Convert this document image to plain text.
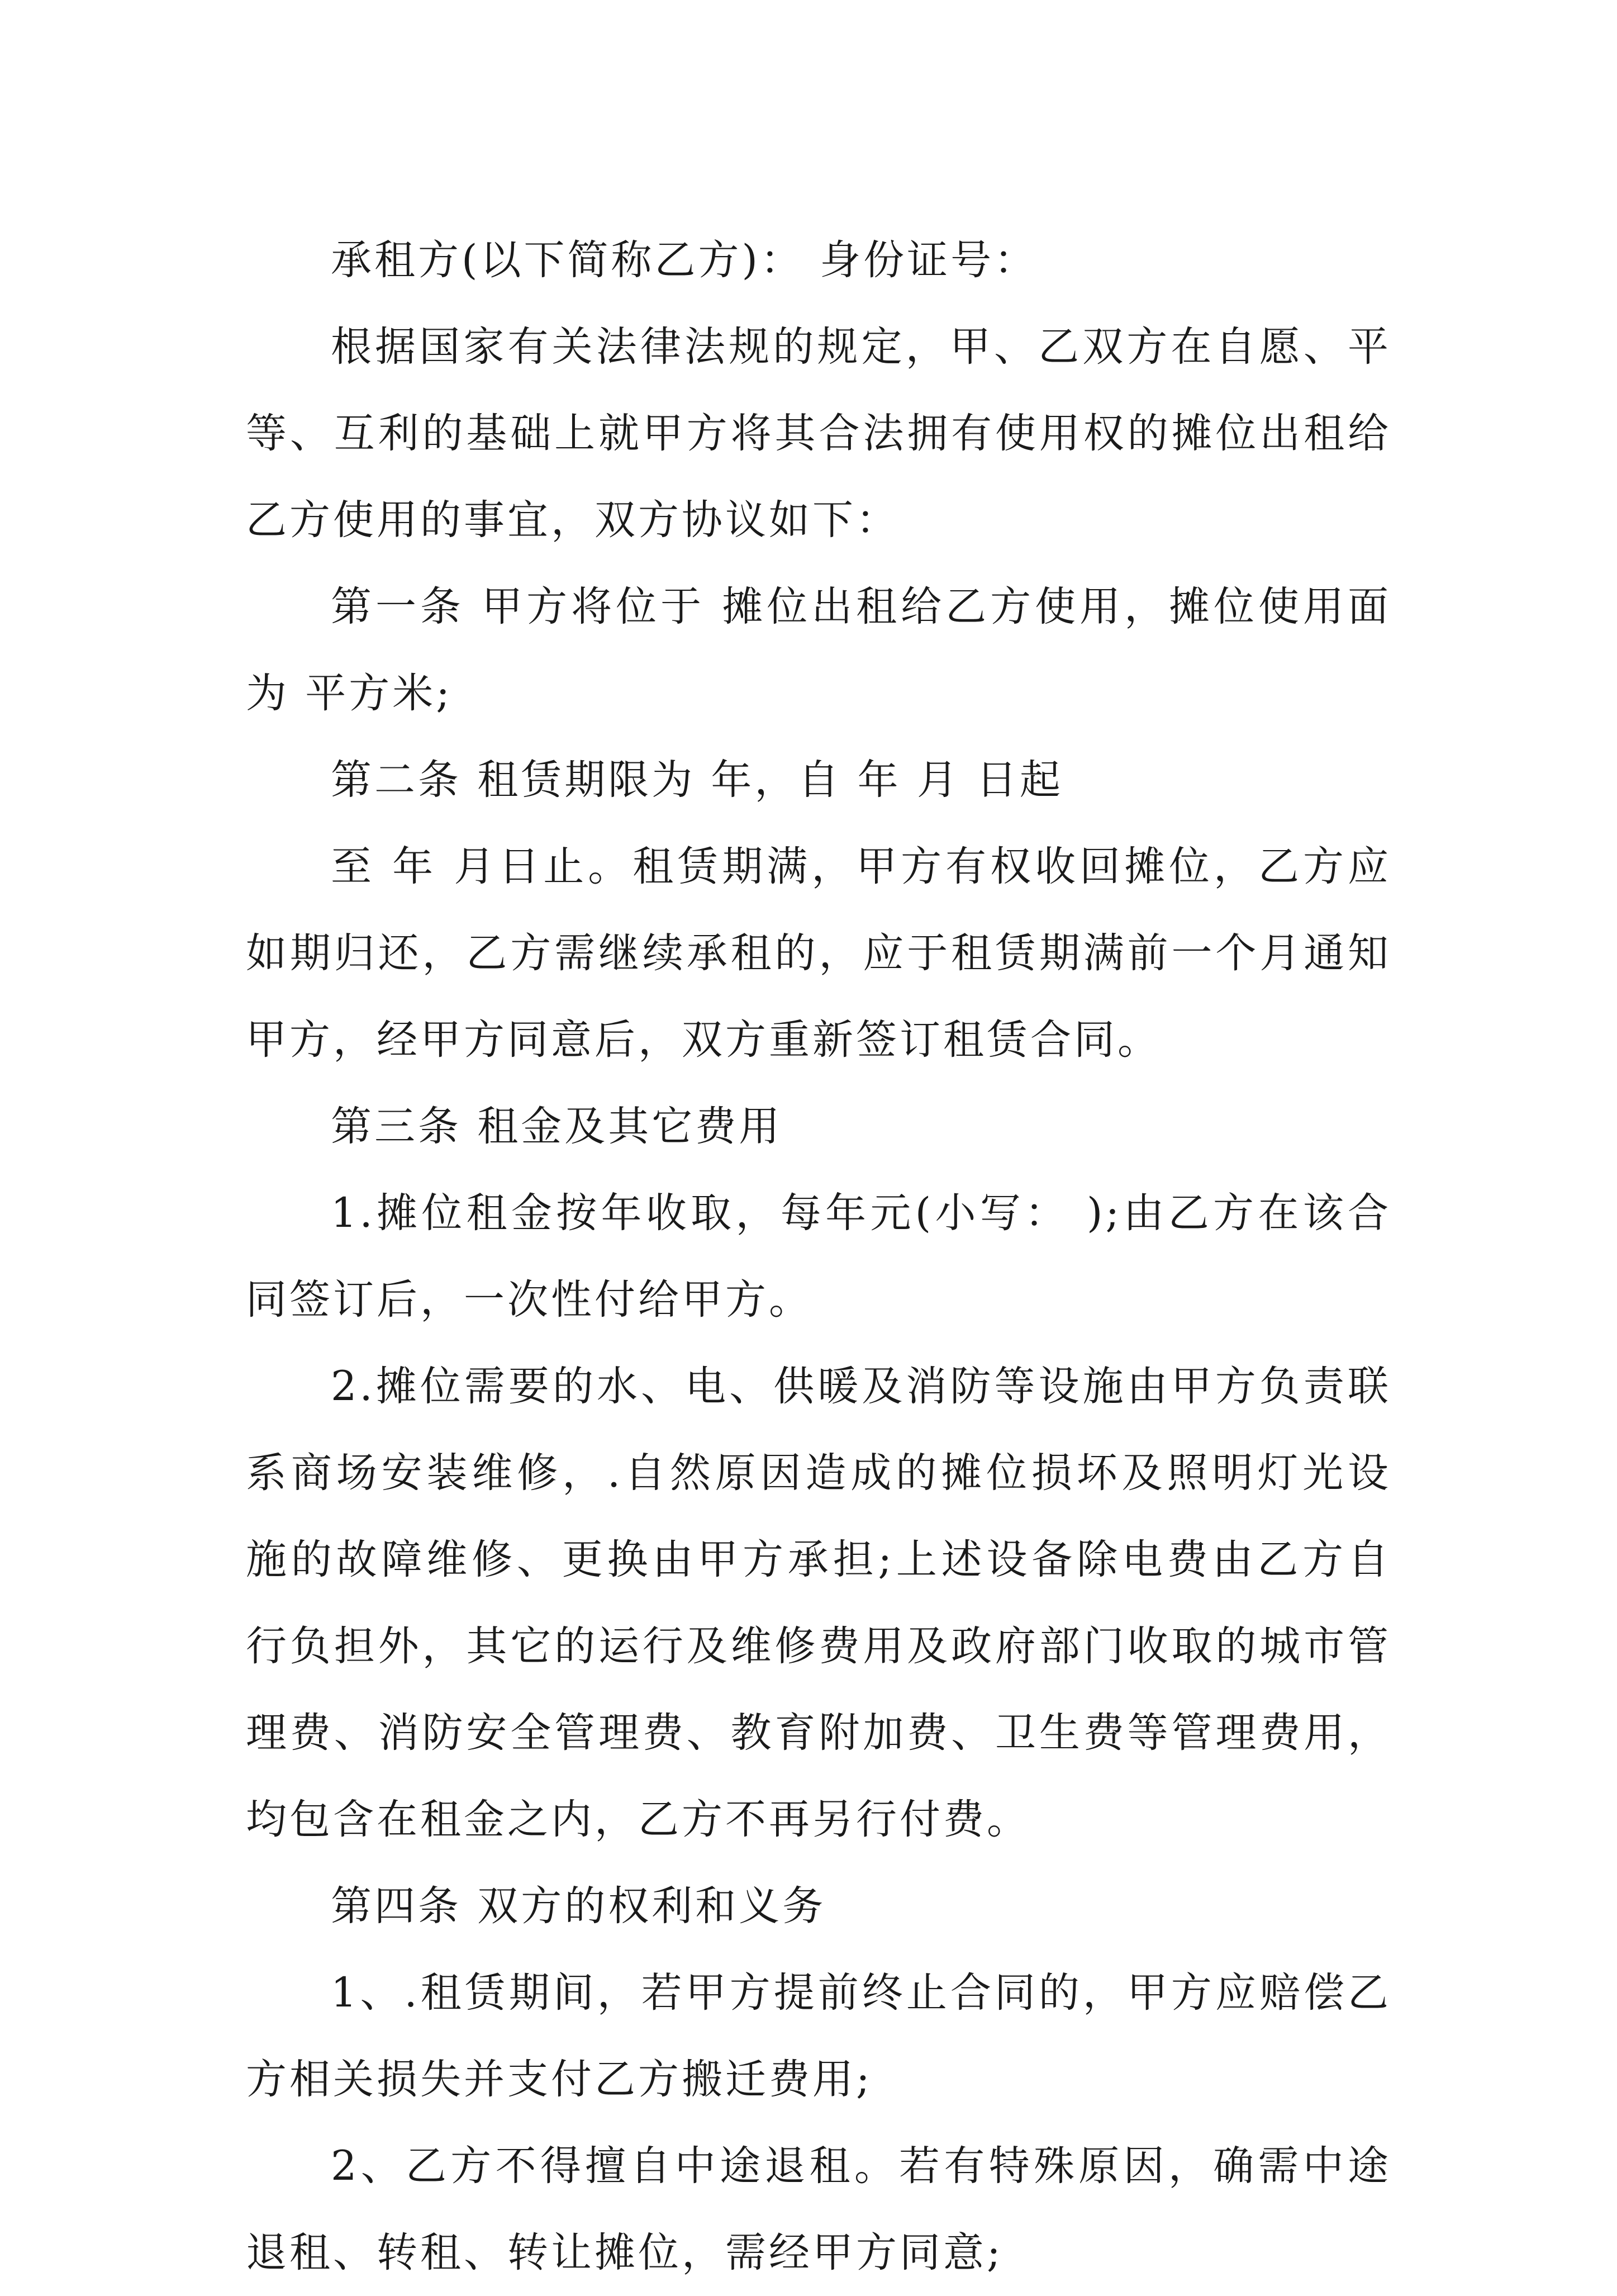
承租方(以下简称乙方)： 身份证号：

根据国家有关法律法规的规定，甲、乙双方在自愿、平等、互利的基础上就甲方将其合法拥有使用权的摊位出租给乙方使用的事宜，双方协议如下：

第一条 甲方将位于 摊位出租给乙方使用，摊位使用面为 平方米;

第二条 租赁期限为 年，自 年 月 日起

至 年 月日止。租赁期满，甲方有权收回摊位，乙方应如期归还，乙方需继续承租的，应于租赁期满前一个月通知甲方，经甲方同意后，双方重新签订租赁合同。

第三条 租金及其它费用

1.摊位租金按年收取，每年元(小写： );由乙方在该合同签订后，一次性付给甲方。

2.摊位需要的水、电、供暖及消防等设施由甲方负责联系商场安装维修，.自然原因造成的摊位损坏及照明灯光设施的故障维修、更换由甲方承担;上述设备除电费由乙方自行负担外，其它的运行及维修费用及政府部门收取的城市管理费、消防安全管理费、教育附加费、卫生费等管理费用，均包含在租金之内，乙方不再另行付费。

第四条 双方的权利和义务

1、.租赁期间，若甲方提前终止合同的，甲方应赔偿乙方相关损失并支付乙方搬迁费用;

2、乙方不得擅自中途退租。若有特殊原因，确需中途退租、转租、转让摊位，需经甲方同意;
